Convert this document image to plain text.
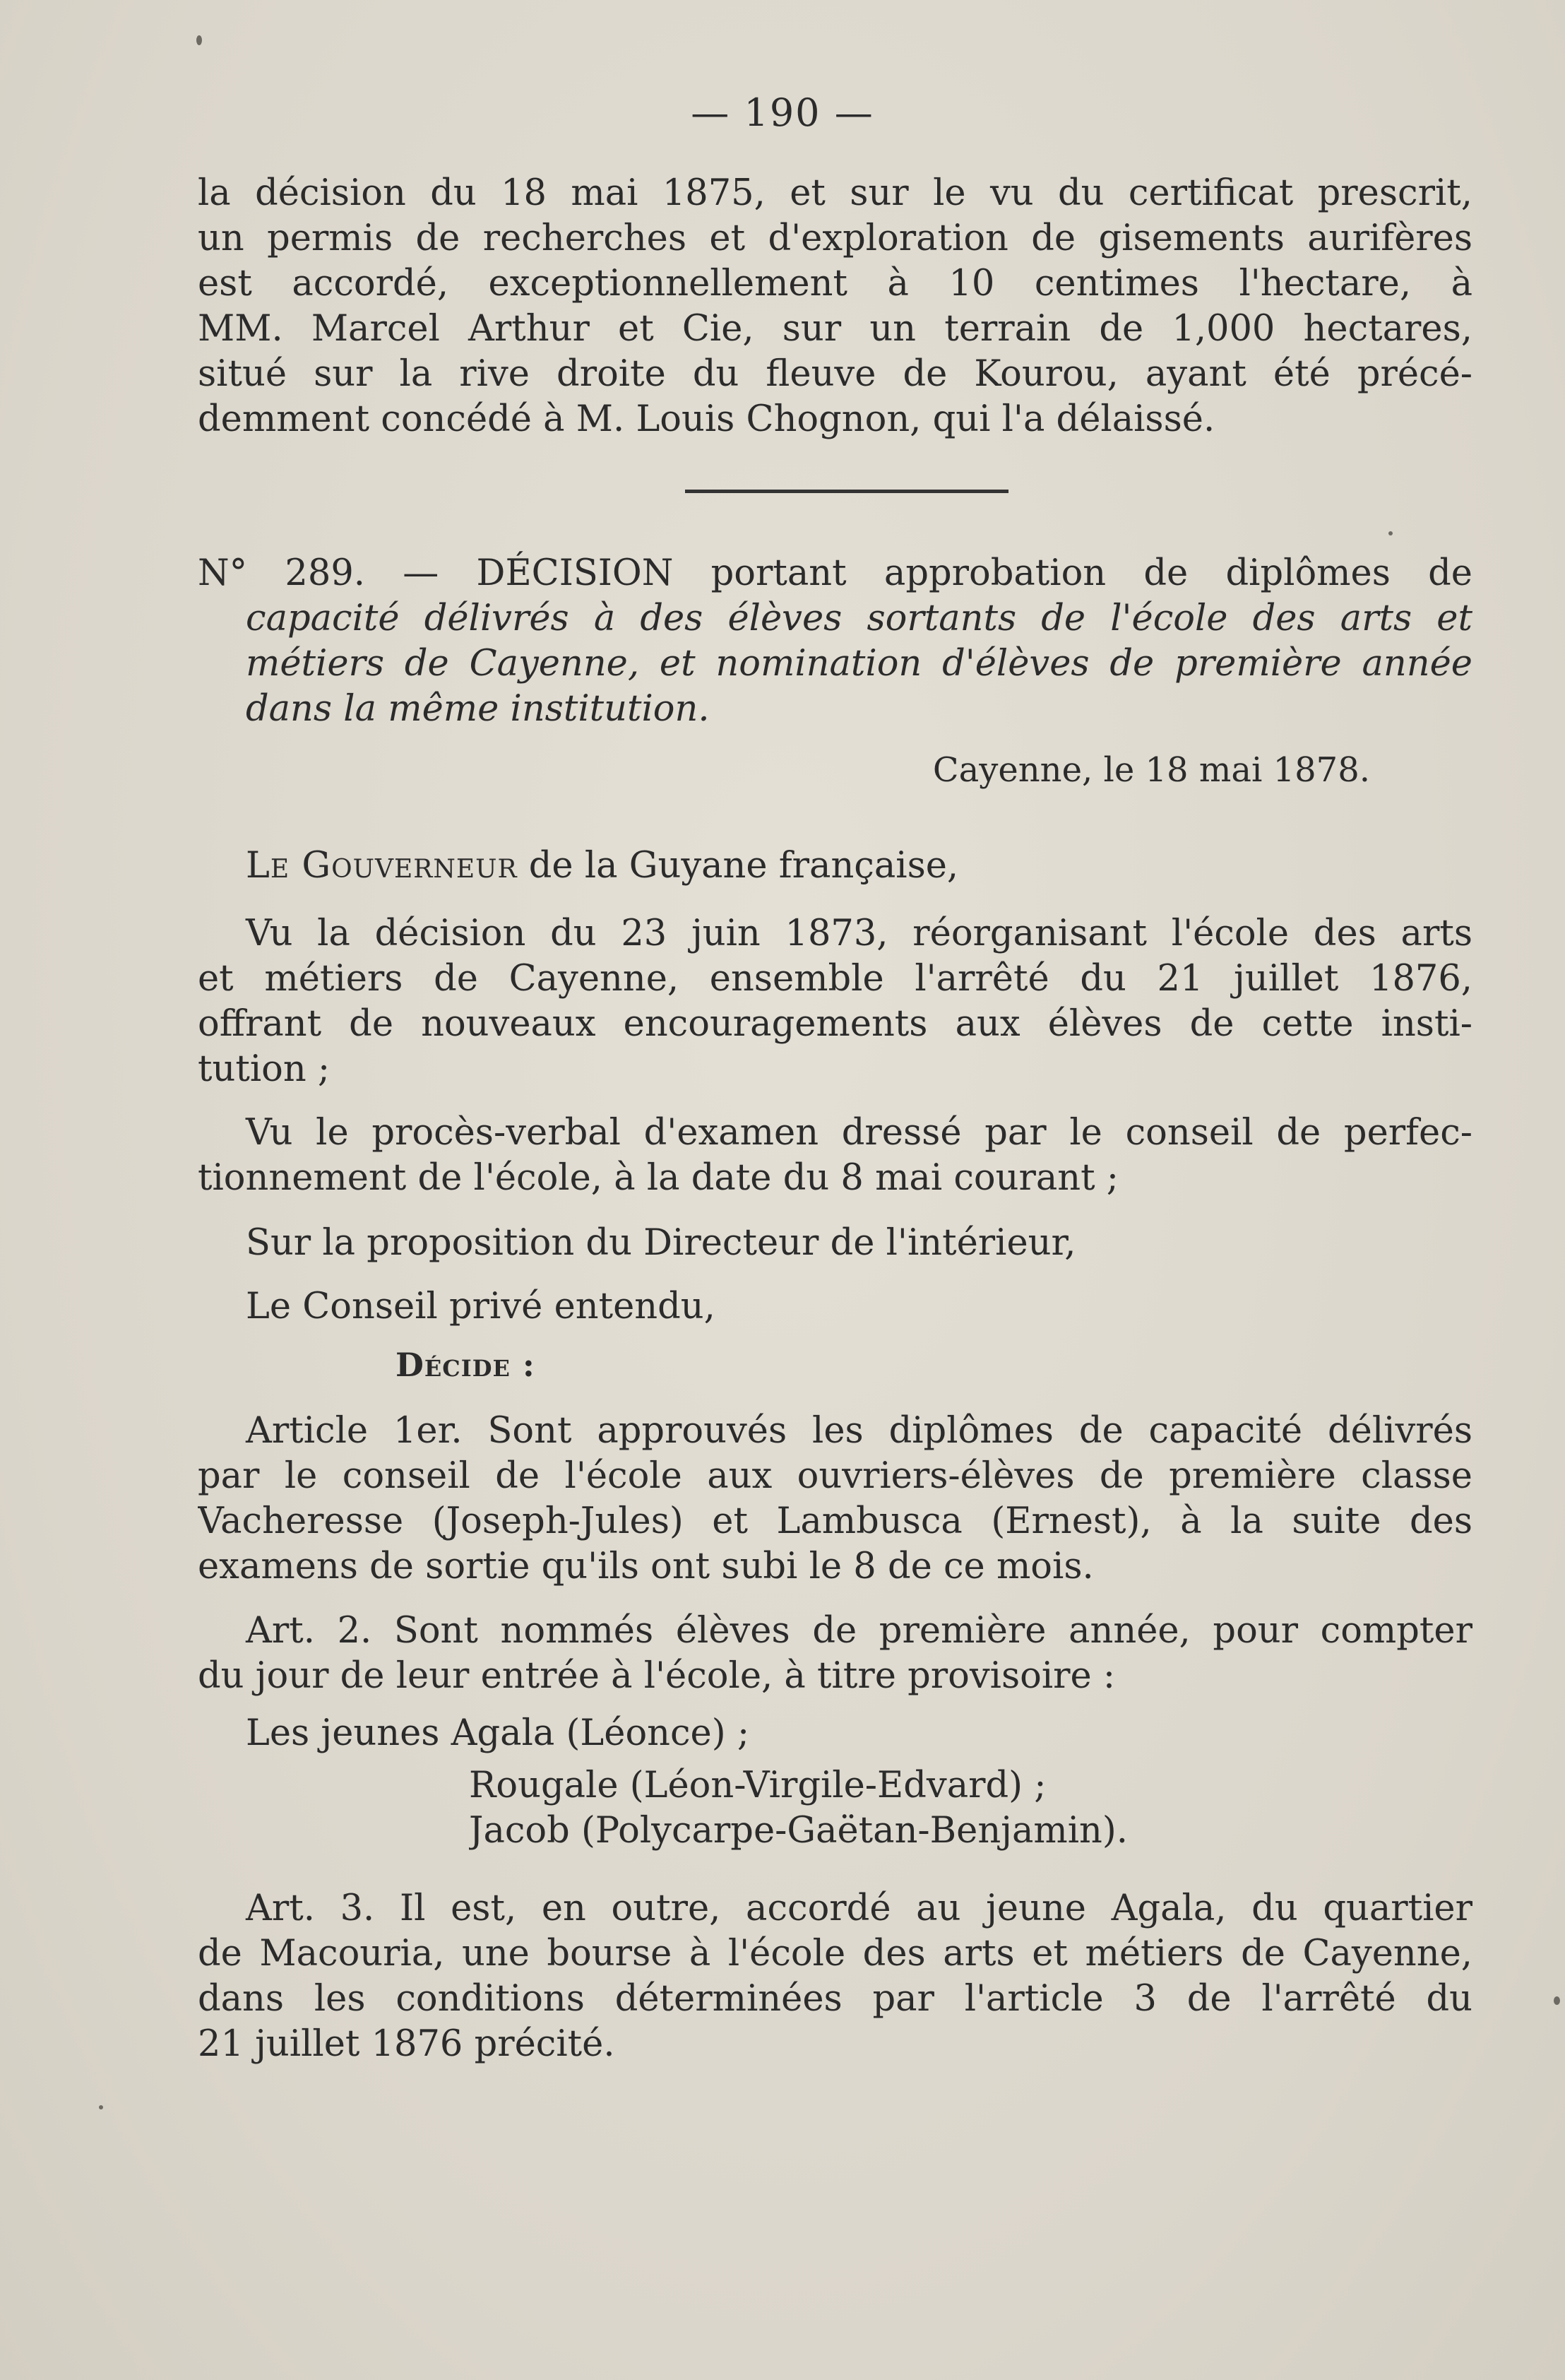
— 190 —
la décision du 18 mai 1875, et sur le vu du certificat prescrit,
un permis de recherches et d'exploration de gisements aurifères
est accordé, exceptionnellement à 10 centimes l'hectare, à
MM. Marcel Arthur et Cie, sur un terrain de 1,000 hectares,
situé sur la rive droite du fleuve de Kourou, ayant été précé-
demment concédé à M. Louis Chognon, qui l'a délaissé.
N° 289. — DÉCISION portant approbation de diplômes de
capacité délivrés à des élèves sortants de l'école des arts et
métiers de Cayenne, et nomination d'élèves de première année
dans la même institution.
Cayenne, le 18 mai 1878.
Le Gouverneur de la Guyane française,
Vu la décision du 23 juin 1873, réorganisant l'école des arts
et métiers de Cayenne, ensemble l'arrêté du 21 juillet 1876,
offrant de nouveaux encouragements aux élèves de cette insti-
tution ;
Vu le procès-verbal d'examen dressé par le conseil de perfec-
tionnement de l'école, à la date du 8 mai courant ;
Sur la proposition du Directeur de l'intérieur,
Le Conseil privé entendu,
Décide :
Article 1er. Sont approuvés les diplômes de capacité délivrés
par le conseil de l'école aux ouvriers-élèves de première classe
Vacheresse (Joseph-Jules) et Lambusca (Ernest), à la suite des
examens de sortie qu'ils ont subi le 8 de ce mois.
Art. 2. Sont nommés élèves de première année, pour compter
du jour de leur entrée à l'école, à titre provisoire :
Les jeunes Agala (Léonce) ;
Rougale (Léon-Virgile-Edvard) ;
Jacob (Polycarpe-Gaëtan-Benjamin).
Art. 3. Il est, en outre, accordé au jeune Agala, du quartier
de Macouria, une bourse à l'école des arts et métiers de Cayenne,
dans les conditions déterminées par l'article 3 de l'arrêté du
21 juillet 1876 précité.
